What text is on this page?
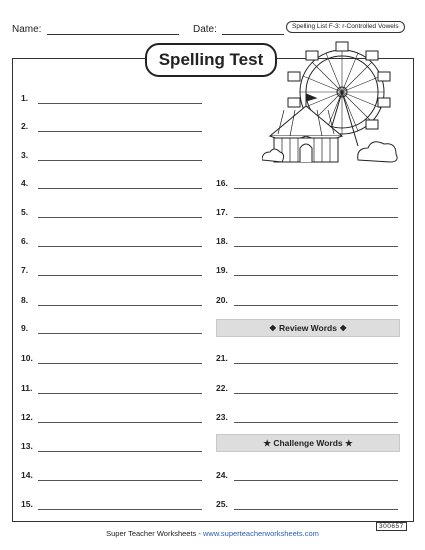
Name:	Date:	Spelling List F-3: r-Controlled Vowels
Spelling Test
1.
2.
3.
4.
5.
6.
7.
8.
9.
10.
11.
12.
13.
14.
15.
16.
17.
18.
19.
20.
21.
22.
23.
24.
25.
❖ Review Words ❖
★ Challenge Words ★
Super Teacher Worksheets - www.superteacherworksheets.com
300657
